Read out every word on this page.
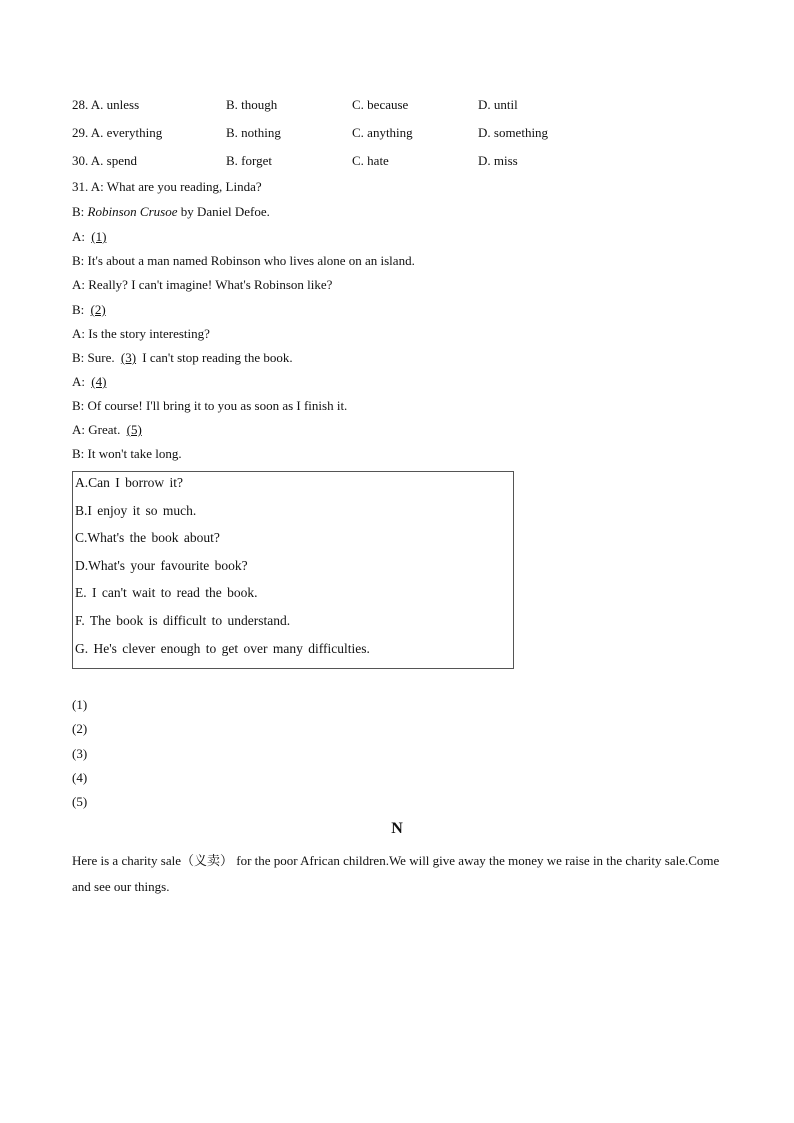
28. A. unless	B. though	C. because	D. until
29. A. everything	B. nothing	C. anything	D. something
30. A. spend	B. forget	C. hate	D. miss
31. A: What are you reading, Linda?
B: Robinson Crusoe by Daniel Defoe.
A: (1)
B: It's about a man named Robinson who lives alone on an island.
A: Really? I can't imagine! What's Robinson like?
B: (2)
A: Is the story interesting?
B: Sure. (3) I can't stop reading the book.
A: (4)
B: Of course! I'll bring it to you as soon as I finish it.
A: Great. (5)
B: It won't take long.
A.Can I borrow it?
B.I enjoy it so much.
C.What's the book about?
D.What's your favourite book?
E. I can't wait to read the book.
F. The book is difficult to understand.
G. He's clever enough to get over many difficulties.
(1)
(2)
(3)
(4)
(5)
N
Here is a charity sale（义卖） for the poor African children.We will give away the money we raise in the charity sale.Come and see our things.
